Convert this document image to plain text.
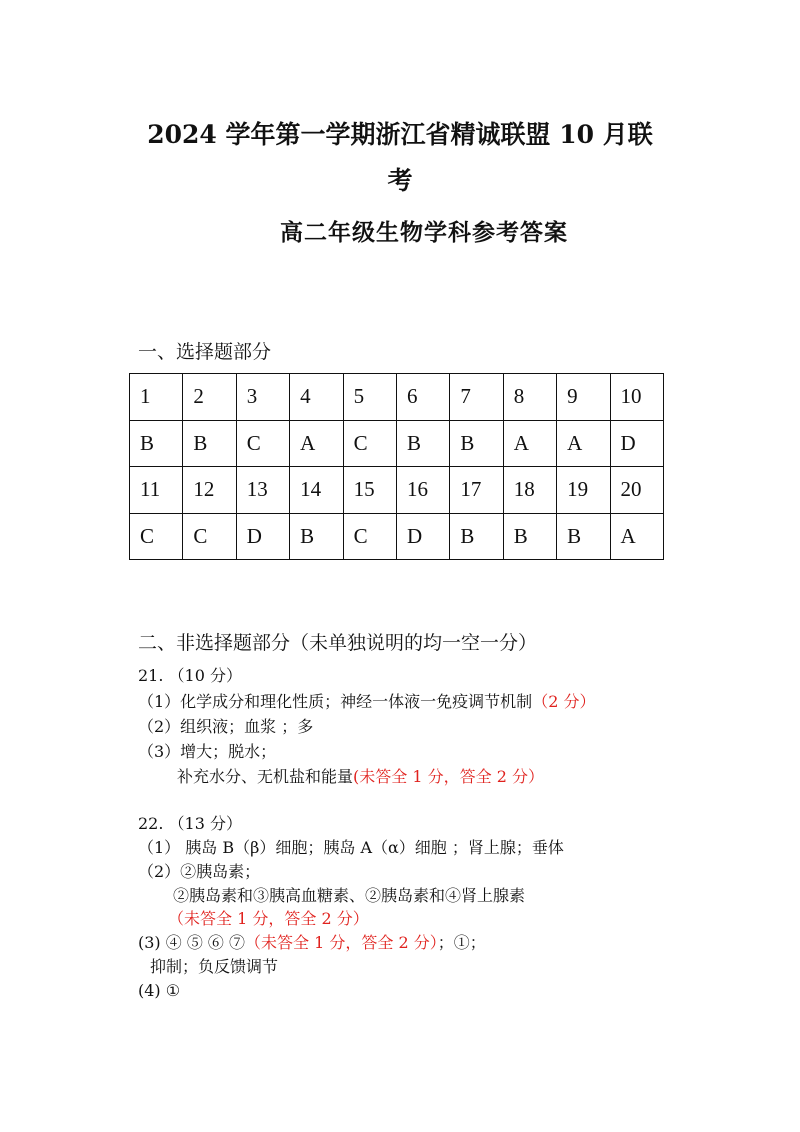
2024 学年第一学期浙江省精诚联盟 10 月联
考
高二年级生物学科参考答案
一、选择题部分
1	2	3	4	5	6	7	8	9	10
B	B	C	A	C	B	B	A	A	D
11	12	13	14	15	16	17	18	19	20
C	C	D	B	C	D	B	B	B	A
二、非选择题部分（未单独说明的均一空一分）
21. （10 分）
（1）化学成分和理化性质；神经一体液一免疫调节机制（2 分）
（2）组织液；血浆 ；多
（3）增大；脱水；
补充水分、无机盐和能量(未答全 1 分，答全 2 分）
22. （13 分）
（1） 胰岛 B（β）细胞；胰岛 A（α）细胞 ；肾上腺；垂体
（2）②胰岛素；
②胰岛素和③胰高血糖素、②胰岛素和④肾上腺素
（未答全 1 分，答全 2 分）
(3) ④ ⑤ ⑥ ⑦（未答全 1 分，答全 2 分）；①；
抑制；负反馈调节
(4) ①
